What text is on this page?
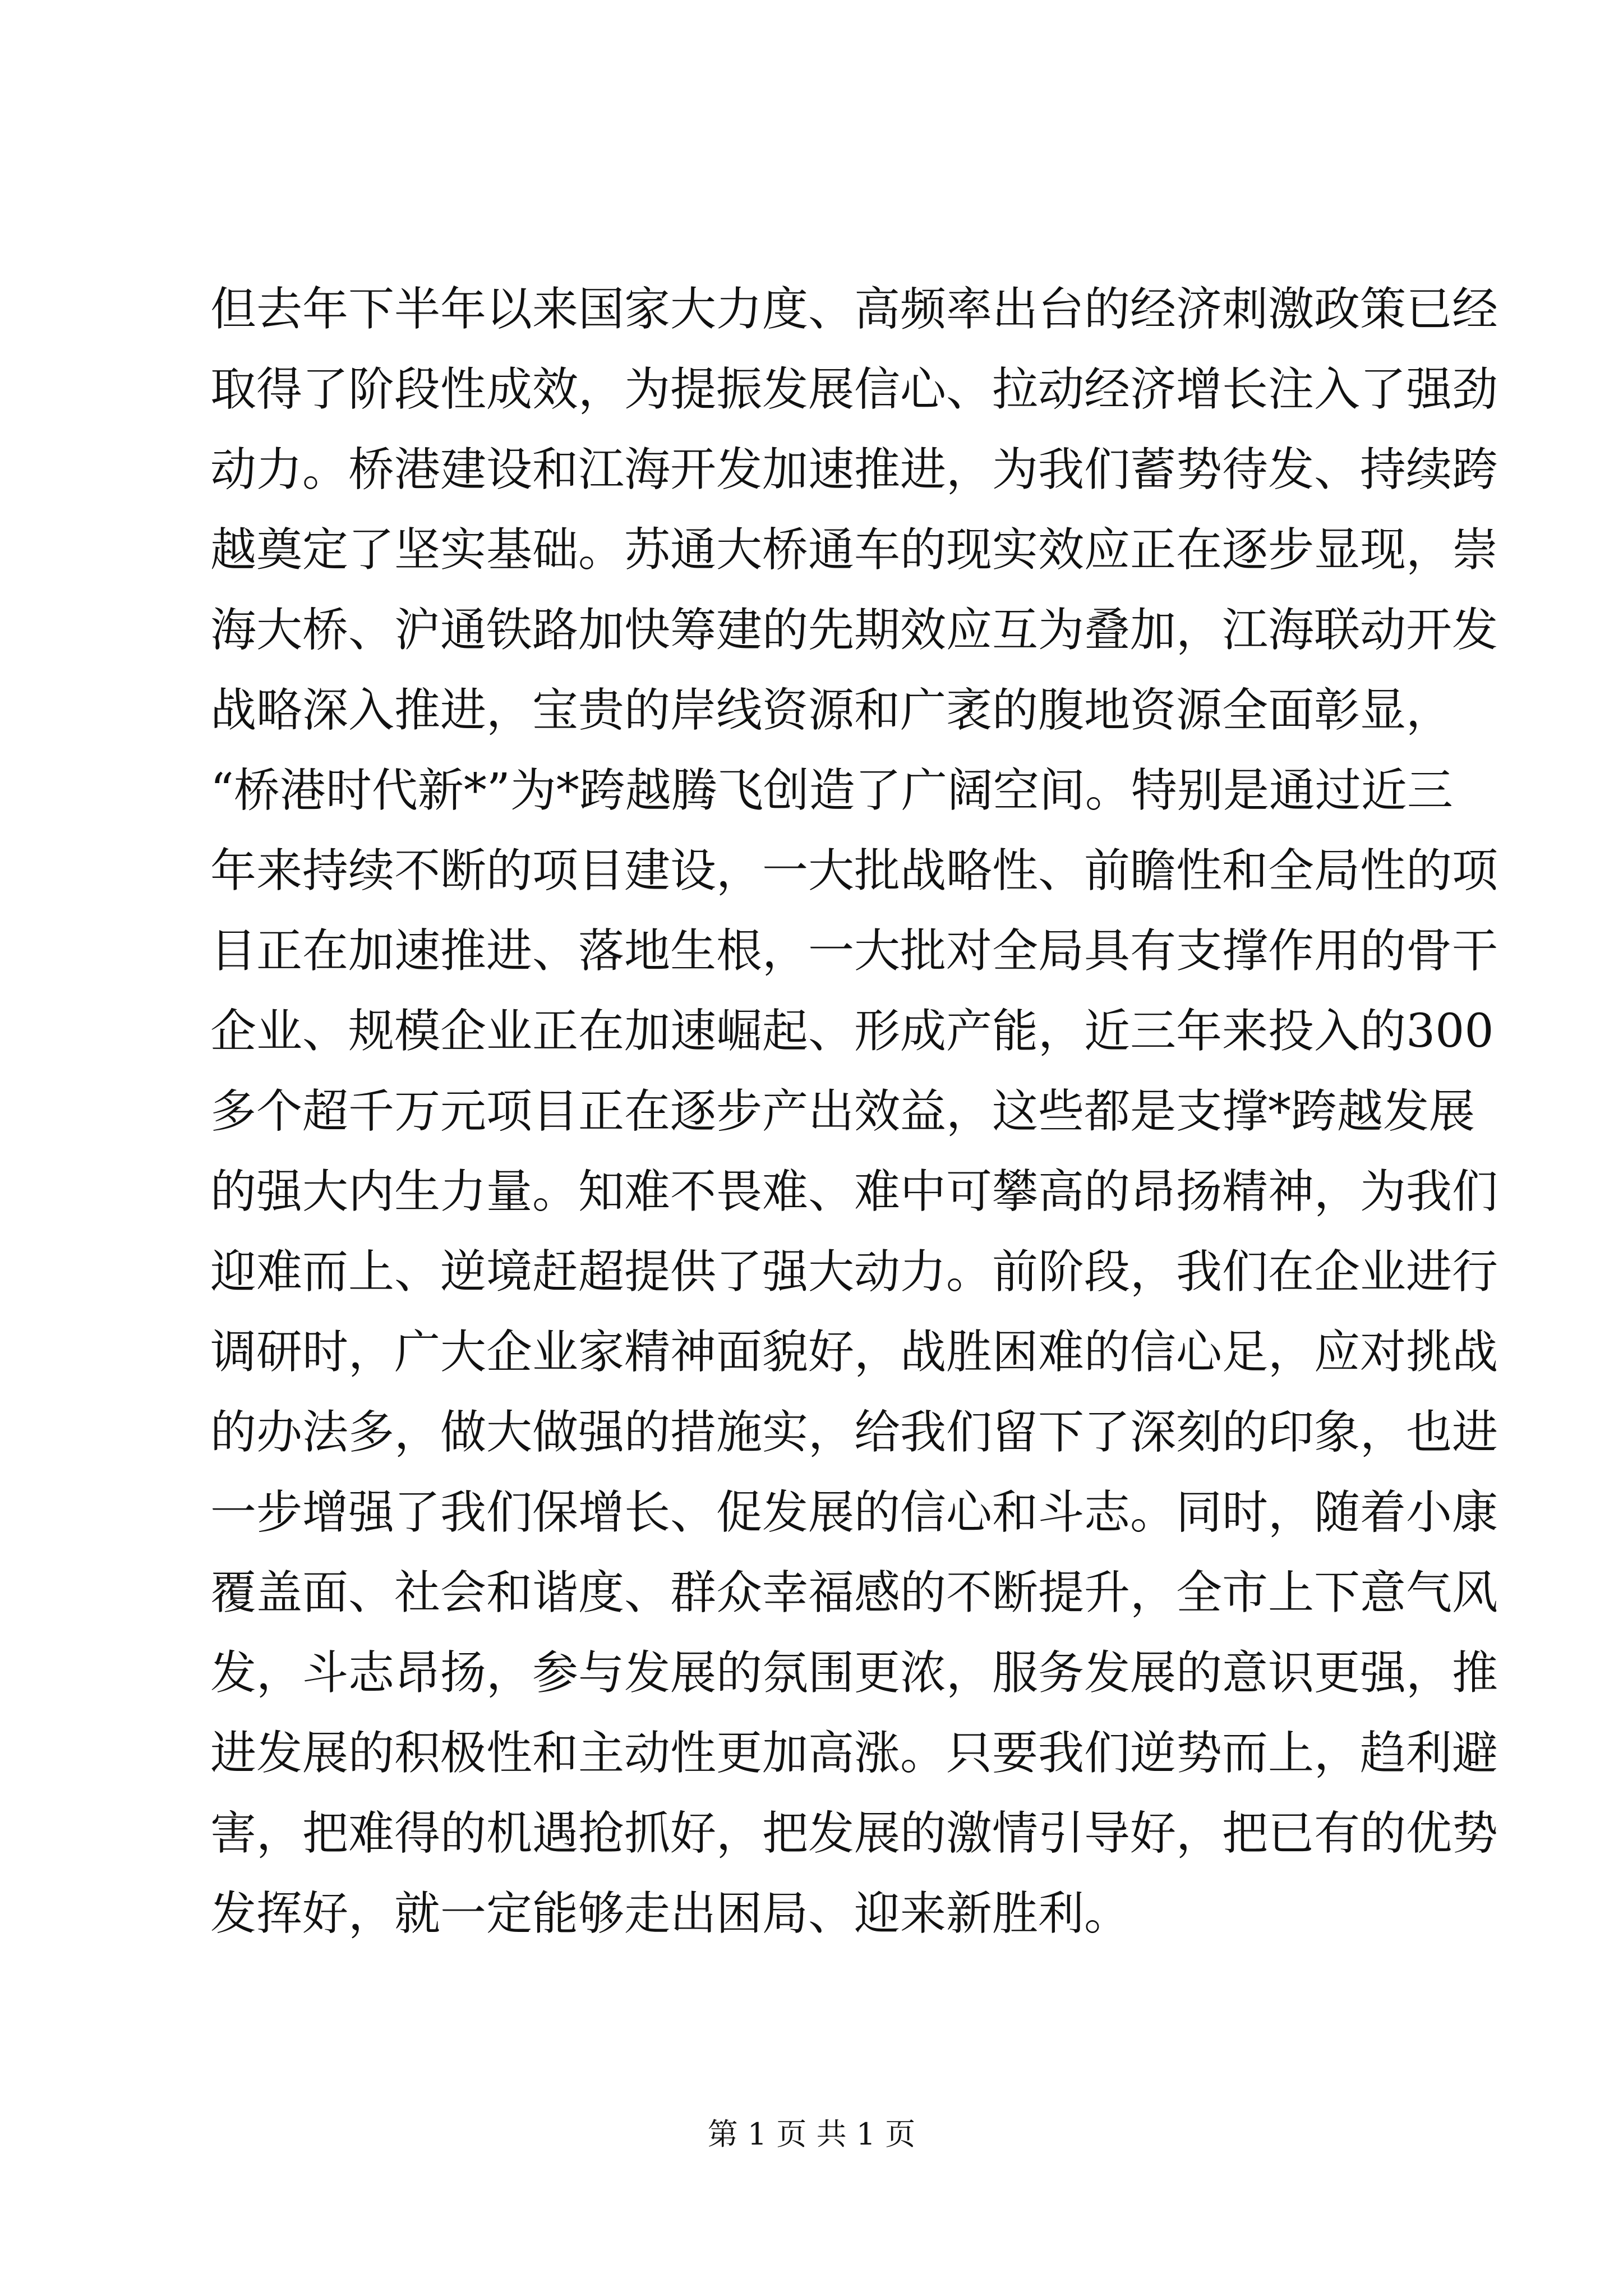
但去年下半年以来国家大力度、高频率出台的经济刺激政策已经
取得了阶段性成效，为提振发展信心、拉动经济增长注入了强劲
动力。桥港建设和江海开发加速推进，为我们蓄势待发、持续跨
越奠定了坚实基础。苏通大桥通车的现实效应正在逐步显现，崇
海大桥、沪通铁路加快筹建的先期效应互为叠加，江海联动开发
战略深入推进，宝贵的岸线资源和广袤的腹地资源全面彰显，
“桥港时代新*”为*跨越腾飞创造了广阔空间。特别是通过近三
年来持续不断的项目建设，一大批战略性、前瞻性和全局性的项
目正在加速推进、落地生根，一大批对全局具有支撑作用的骨干
企业、规模企业正在加速崛起、形成产能，近三年来投入的300
多个超千万元项目正在逐步产出效益，这些都是支撑*跨越发展
的强大内生力量。知难不畏难、难中可攀高的昂扬精神，为我们
迎难而上、逆境赶超提供了强大动力。前阶段，我们在企业进行
调研时，广大企业家精神面貌好，战胜困难的信心足，应对挑战
的办法多，做大做强的措施实，给我们留下了深刻的印象，也进
一步增强了我们保增长、促发展的信心和斗志。同时，随着小康
覆盖面、社会和谐度、群众幸福感的不断提升，全市上下意气风
发，斗志昂扬，参与发展的氛围更浓，服务发展的意识更强，推
进发展的积极性和主动性更加高涨。只要我们逆势而上，趋利避
害，把难得的机遇抢抓好，把发展的激情引导好，把已有的优势
发挥好，就一定能够走出困局、迎来新胜利。
第 1 页 共 1 页
